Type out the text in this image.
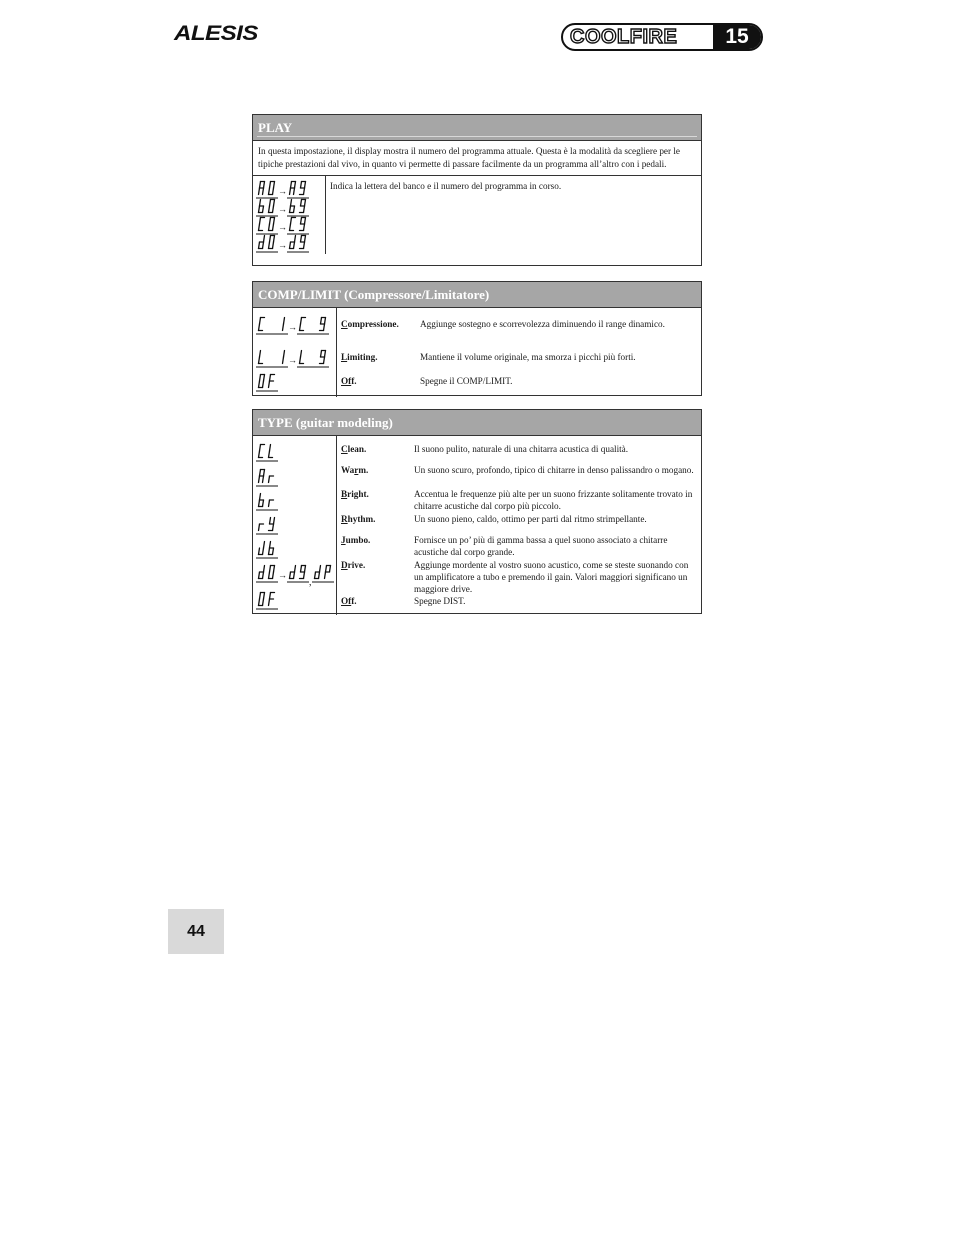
ALESIS	COOLFIRE	15
PLAY
In questa impostazione, il display mostra il numero del programma attuale. Questa è la modalità da scegliere per le tipiche prestazioni dal vivo, in quanto vi permette di passare facilmente da un programma all’altro con i pedali.
→
→
→
→
Indica la lettera del banco e il numero del programma in corso.
COMP/LIMIT (Compressore/Limitatore)
→
→
Compressione. Aggiunge sostegno e scorrevolezza diminuendo il range dinamico.
Limiting.	Mantiene il volume originale, ma smorza i picchi più forti.
Off.	Spegne il COMP/LIMIT.
TYPE (guitar modeling)
→
,
Clean.	Il suono pulito, naturale di una chitarra acustica di qualità.
Warm.	Un suono scuro, profondo, tipico di chitarre in denso palissandro o mogano.
Bright.	Accentua le frequenze più alte per un suono frizzante solitamente trovato in chitarre acustiche dal corpo più piccolo.
Rhythm.	Un suono pieno, caldo, ottimo per parti dal ritmo strimpellante.
Jumbo.	Fornisce un po’ più di gamma bassa a quel suono associato a chitarre acustiche dal corpo grande.
Drive.	Aggiunge mordente al vostro suono acustico, come se steste suonando con un amplificatore a tubo e premendo il gain. Valori maggiori significano un maggiore drive.
Off.	Spegne DIST.
44
